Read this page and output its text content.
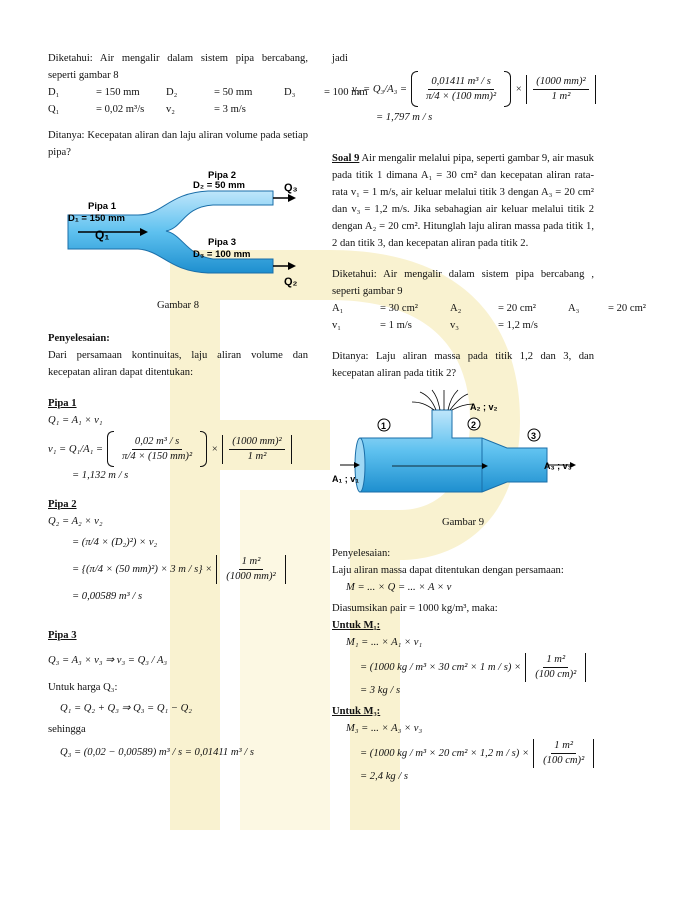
Diketahui: Air mengalir dalam sistem pipa bercabang, seperti gambar 8

D₁	= 150 mm	D₂	= 50 mm	D₃	= 100 mm
Q₁	= 0,02 m³/s	v₂	= 3 m/s

Ditanya: Kecepatan aliran dan laju aliran volume pada setiap pipa?

Pipa 1
D₁ = 150 mm
Q₁
Pipa 2
D₂ = 50 mm
Pipa 3
D₃ = 100 mm
Q₃
Q₂

Gambar 8

Penyelesaian:

Dari persamaan kontinuitas, laju aliran volume dan kecepatan aliran dapat ditentukan:

Pipa 1

Q₁ = A₁ × v₁

$v_1 = Q_1/A_1 = \frac{\text{0,02 m³ / s}}{\text{π/4 × (150 mm)²}} \times \frac{\text{(1000 mm)²}}{\text{1 m²}}$

= 1,132 m / s

Pipa 2

Q₂ = A₂ × v₂

= (π/4 × (D₂)²) × v₂

= {(π/4 × (50 mm)²) × 3 $m / s\} \times \frac{\text{1 m²}}{\text{(1000 mm)²}}$

= 0,00589 m³ / s

Pipa 3

Q₃ = A₃ × v₃ ⇒ v₃ = Q₃ / A₃

Untuk harga Q₃:

Q₁ = Q₂ + Q₃ ⇒ Q₃ = Q₁ − Q₂

sehingga

Q₃ = (0,02 − 0,00589) m³ / s = 0,01411 m³ / s

jadi

$v_3 = Q_3/A_3 = \frac{\text{0,01411 m³ / s}}{\text{π/4 × (100 mm)²}} \times \frac{\text{(1000 mm)²}}{\text{1 m²}}$

= 1,797 m / s

Soal 9 Air mengalir melalui pipa, seperti gambar 9, air masuk pada titik 1 dimana A₁ = 30 cm² dan kecepatan aliran rata-rata v₁ = 1 m/s, air keluar melalui titik 3 dengan A₃ = 20 cm² dan v₃ = 1,2 m/s. Jika sebahagian air keluar melalui titik 2 dengan A₂ = 20 cm². Hitunglah laju aliran massa pada titik 1, 2 dan titik 3, dan kecepatan aliran pada titik 2.

Diketahui: Air mengalir dalam sistem pipa bercabang , seperti gambar 9

A₁	= 30 cm²	A₂	= 20 cm²	A₃	= 20 cm²
v₁	= 1 m/s	v₃	= 1,2 m/s

Ditanya: Laju aliran massa pada titik 1,2 dan 3, dan kecepatan aliran pada titik 2?

1	2
3
A₂ ; v₂
A₁ ; v₁
A₃ ; v₃

Gambar 9

Penyelesaian:

Laju aliran massa dapat ditentukan dengan persamaan:

M = ... × Q = ... × A × v

Diasumsikan ρair = 1000 kg/m³, maka:

Untuk M₁:

M₁ = ... × A₁ × v₁

= (1000 kg / m³ × 30 cm² × 1 $m / s) \times \frac{\text{1 m²}}{\text{(100 cm)²}}$

= 3 kg / s

Untuk M₃:

M₃ = ... × A₃ × v₃

= (1000 kg / m³ × 20 cm² × 1,2 $m / s) \times \frac{\text{1 m²}}{\text{(100 cm)²}}$

= 2,4 kg / s
